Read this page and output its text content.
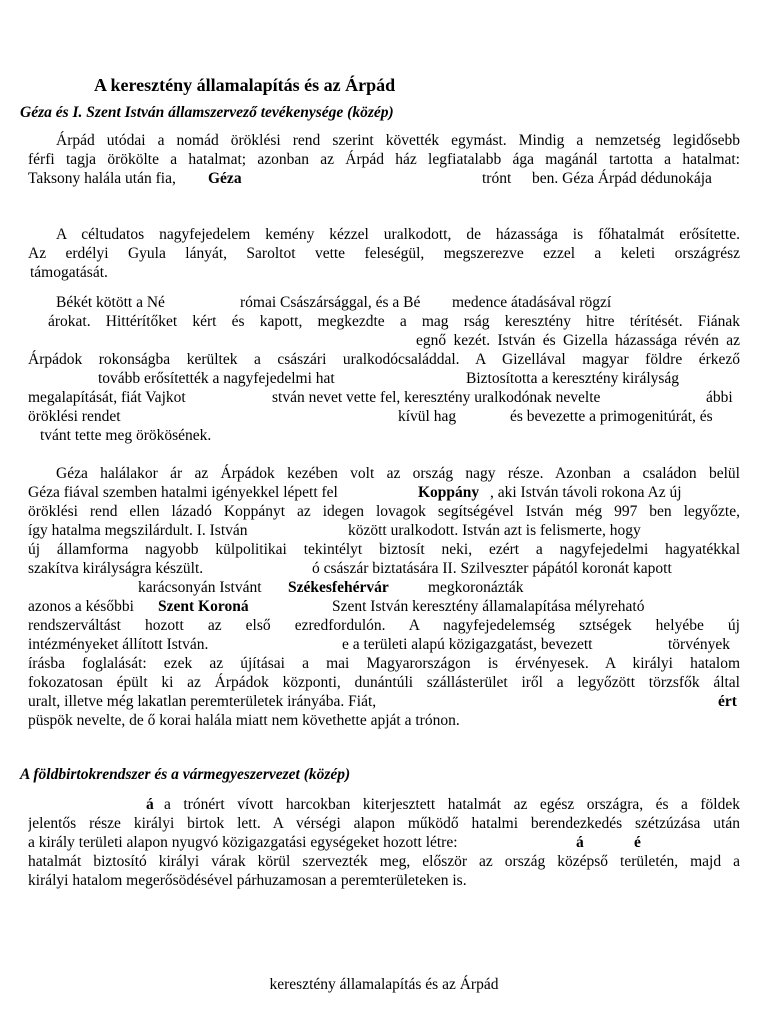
A keresztény államalapítás és az Árpád
Géza és I. Szent István államszervező tevékenysége (közép)
Árpád utódai a nomád öröklési rend szerint követték egymást. Mindig a nemzetség legidősebb
férfi tagja örökölte a hatalmat; azonban az Árpád ház legfiatalabb ága magánál tartotta a hatalmat:
Taksony halála után fia, Géza	trónt ben. Géza Árpád dédunokája
A céltudatos nagyfejedelem kemény kézzel uralkodott, de házassága is főhatalmát erősítette.
Az erdélyi Gyula lányát, Saroltot vette feleségül, megszerezve ezzel a keleti országrész
támogatását.
Békét kötött a Né	római Császársággal, és a Bé medence átadásával rögzí
árokat. Hittérítőket kért és kapott, megkezdte a mag rság keresztény hitre térítését. Fiának
egnő kezét. István és Gizella házassága révén az
Árpádok rokonságba kerültek a császári uralkodócsaláddal. A Gizellával magyar földre érkező
tovább erősítették a nagyfejedelmi hat	Biztosította a keresztény királyság
megalapítását, fiát Vajkot	stván nevet vette fel, keresztény uralkodónak nevelte	ábbi
öröklési rendet	kívül hag	és bevezette a primogenitúrát, és
tvánt tette meg örökösének.
Géza halálakor ár az Árpádok kezében volt az ország nagy része. Azonban a családon belül
Géza fiával szemben hatalmi igényekkel lépett fel	Koppány , aki István távoli rokona Az új
öröklési rend ellen lázadó Koppányt az idegen lovagok segítségével István még 997 ben legyőzte,
így hatalma megszilárdult. I. István	között uralkodott. István azt is felismerte, hogy
új államforma nagyobb külpolitikai tekintélyt biztosít neki, ezért a nagyfejedelmi hagyatékkal
szakítva királyságra készült.	ó császár biztatására II. Szilveszter pápától koronát kapott
karácsonyán Istvánt Székesfehérvár	megkoronázták
azonos a későbbi Szent Koroná	Szent István keresztény államalapítása mélyreható
rendszerváltást hozott az első ezredfordulón. A nagyfejedelemség sztségek helyébe új
intézményeket állított István.	e a területi alapú közigazgatást, bevezett	törvények
írásba foglalását: ezek az újításai a mai Magyarországon is érvényesek. A királyi hatalom
fokozatosan épült ki az Árpádok központi, dunántúli szállásterület iről a legyőzött törzsfők által
uralt, illetve még lakatlan peremterületek irányába. Fiát,	ért
püspök nevelte, de ő korai halála miatt nem követhette apját a trónon.
A földbirtokrendszer és a vármegyeszervezet (közép)
á a trónért vívott harcokban kiterjesztett hatalmát az egész országra, és a földek
jelentős része királyi birtok lett. A vérségi alapon működő hatalmi berendezkedés szétzúzása után
a király területi alapon nyugvó közigazgatási egységeket hozott létre:	á	é
hatalmát biztosító királyi várak körül szervezték meg, először az ország középső területén, majd a
királyi hatalom megerősödésével párhuzamosan a peremterületeken is.
keresztény államalapítás és az Árpád
